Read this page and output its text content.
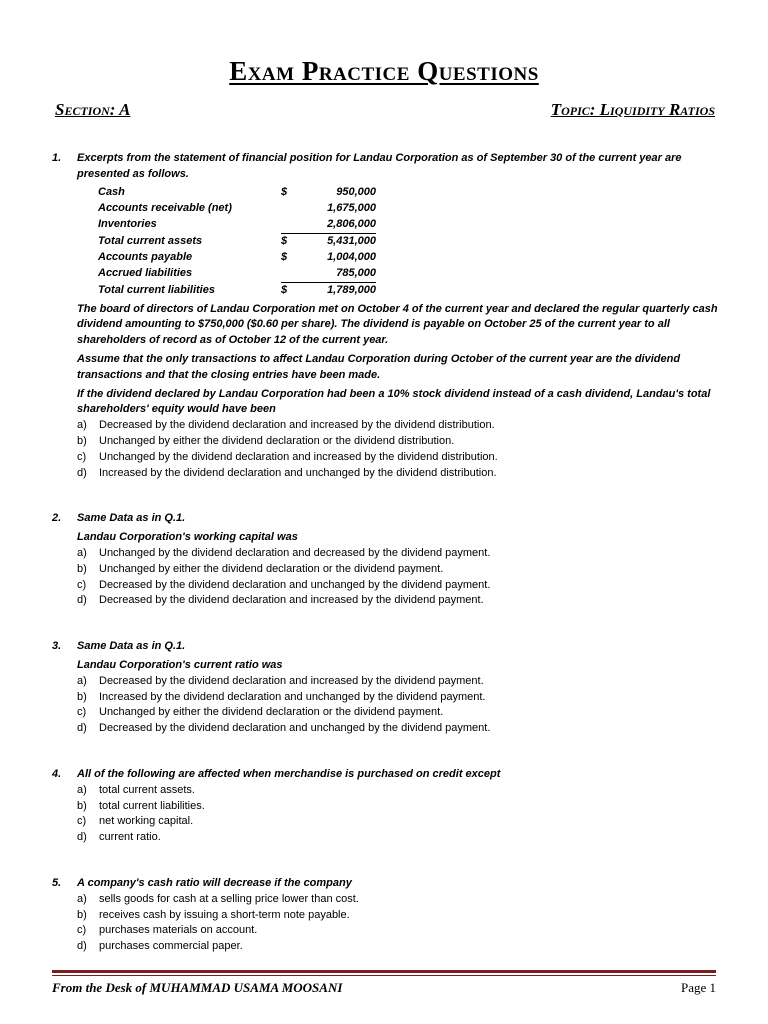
Exam Practice Questions
Section: A	Topic: Liquidity Ratios
1.	Excerpts from the statement of financial position for Landau Corporation as of September 30 of the current year are presented as follows.
Cash	$	950,000
Accounts receivable (net)		1,675,000
Inventories		2,806,000
Total current assets	$	5,431,000
Accounts payable	$	1,004,000
Accrued liabilities		785,000
Total current liabilities	$	1,789,000
The board of directors of Landau Corporation met on October 4 of the current year and declared the regular quarterly cash dividend amounting to $750,000 ($0.60 per share). The dividend is payable on October 25 of the current year to all shareholders of record as of October 12 of the current year.
Assume that the only transactions to affect Landau Corporation during October of the current year are the dividend transactions and that the closing entries have been made.
If the dividend declared by Landau Corporation had been a 10% stock dividend instead of a cash dividend, Landau's total shareholders' equity would have been
a)	Decreased by the dividend declaration and increased by the dividend distribution.
b)	Unchanged by either the dividend declaration or the dividend distribution.
c)	Unchanged by the dividend declaration and increased by the dividend distribution.
d)	Increased by the dividend declaration and unchanged by the dividend distribution.
2.	Same Data as in Q.1.
Landau Corporation's working capital was
a)	Unchanged by the dividend declaration and decreased by the dividend payment.
b)	Unchanged by either the dividend declaration or the dividend payment.
c)	Decreased by the dividend declaration and unchanged by the dividend payment.
d)	Decreased by the dividend declaration and increased by the dividend payment.
3.	Same Data as in Q.1.
Landau Corporation's current ratio was
a)	Decreased by the dividend declaration and increased by the dividend payment.
b)	Increased by the dividend declaration and unchanged by the dividend payment.
c)	Unchanged by either the dividend declaration or the dividend payment.
d)	Decreased by the dividend declaration and unchanged by the dividend payment.
4.	All of the following are affected when merchandise is purchased on credit except
a)	total current assets.
b)	total current liabilities.
c)	net working capital.
d)	current ratio.
5.	A company's cash ratio will decrease if the company
a)	sells goods for cash at a selling price lower than cost.
b)	receives cash by issuing a short-term note payable.
c)	purchases materials on account.
d)	purchases commercial paper.
From the Desk of MUHAMMAD USAMA MOOSANI	Page 1
